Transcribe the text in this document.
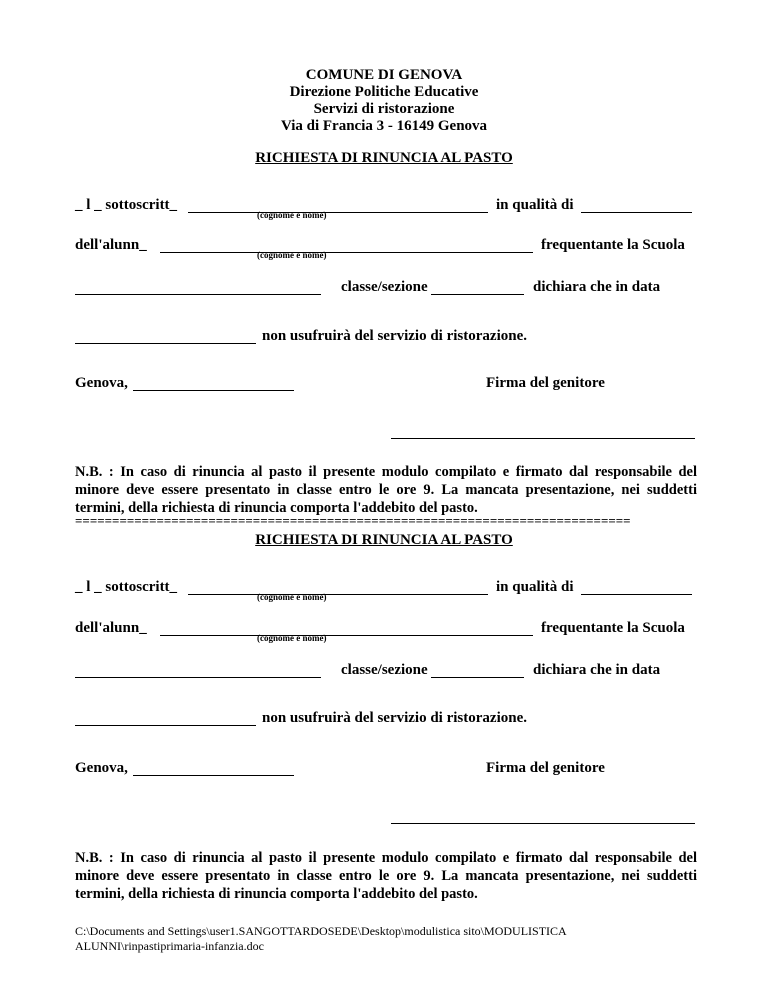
COMUNE DI GENOVA
Direzione Politiche Educative
Servizi di ristorazione
Via di Francia 3 - 16149 Genova
RICHIESTA DI RINUNCIA AL PASTO
_ l _ sottoscritt_
(cognome e nome)
in qualità di
dell'alunn_
(cognome e nome)
frequentante la Scuola
classe/sezione	dichiara che in data
non usufruirà del servizio di ristorazione.
Genova,	Firma del genitore
N.B. : In caso di rinuncia al pasto il presente modulo compilato e firmato dal responsabile del minore deve essere presentato in classe entro le ore 9. La mancata presentazione, nei suddetti termini, della richiesta di rinuncia comporta l'addebito del pasto.
===========================================================================
RICHIESTA DI RINUNCIA AL PASTO
_ l _ sottoscritt_
(cognome e nome)
in qualità di
dell'alunn_
(cognome e nome)
frequentante la Scuola
classe/sezione	dichiara che in data
non usufruirà del servizio di ristorazione.
Genova,	Firma del genitore
N.B. : In caso di rinuncia al pasto il presente modulo compilato e firmato dal responsabile del minore deve essere presentato in classe entro le ore 9. La mancata presentazione, nei suddetti termini, della richiesta di rinuncia comporta l'addebito del pasto.
C:\Documents and Settings\user1.SANGOTTARDOSEDE\Desktop\modulistica sito\MODULISTICA
ALUNNI\rinpastiprimaria-infanzia.doc
